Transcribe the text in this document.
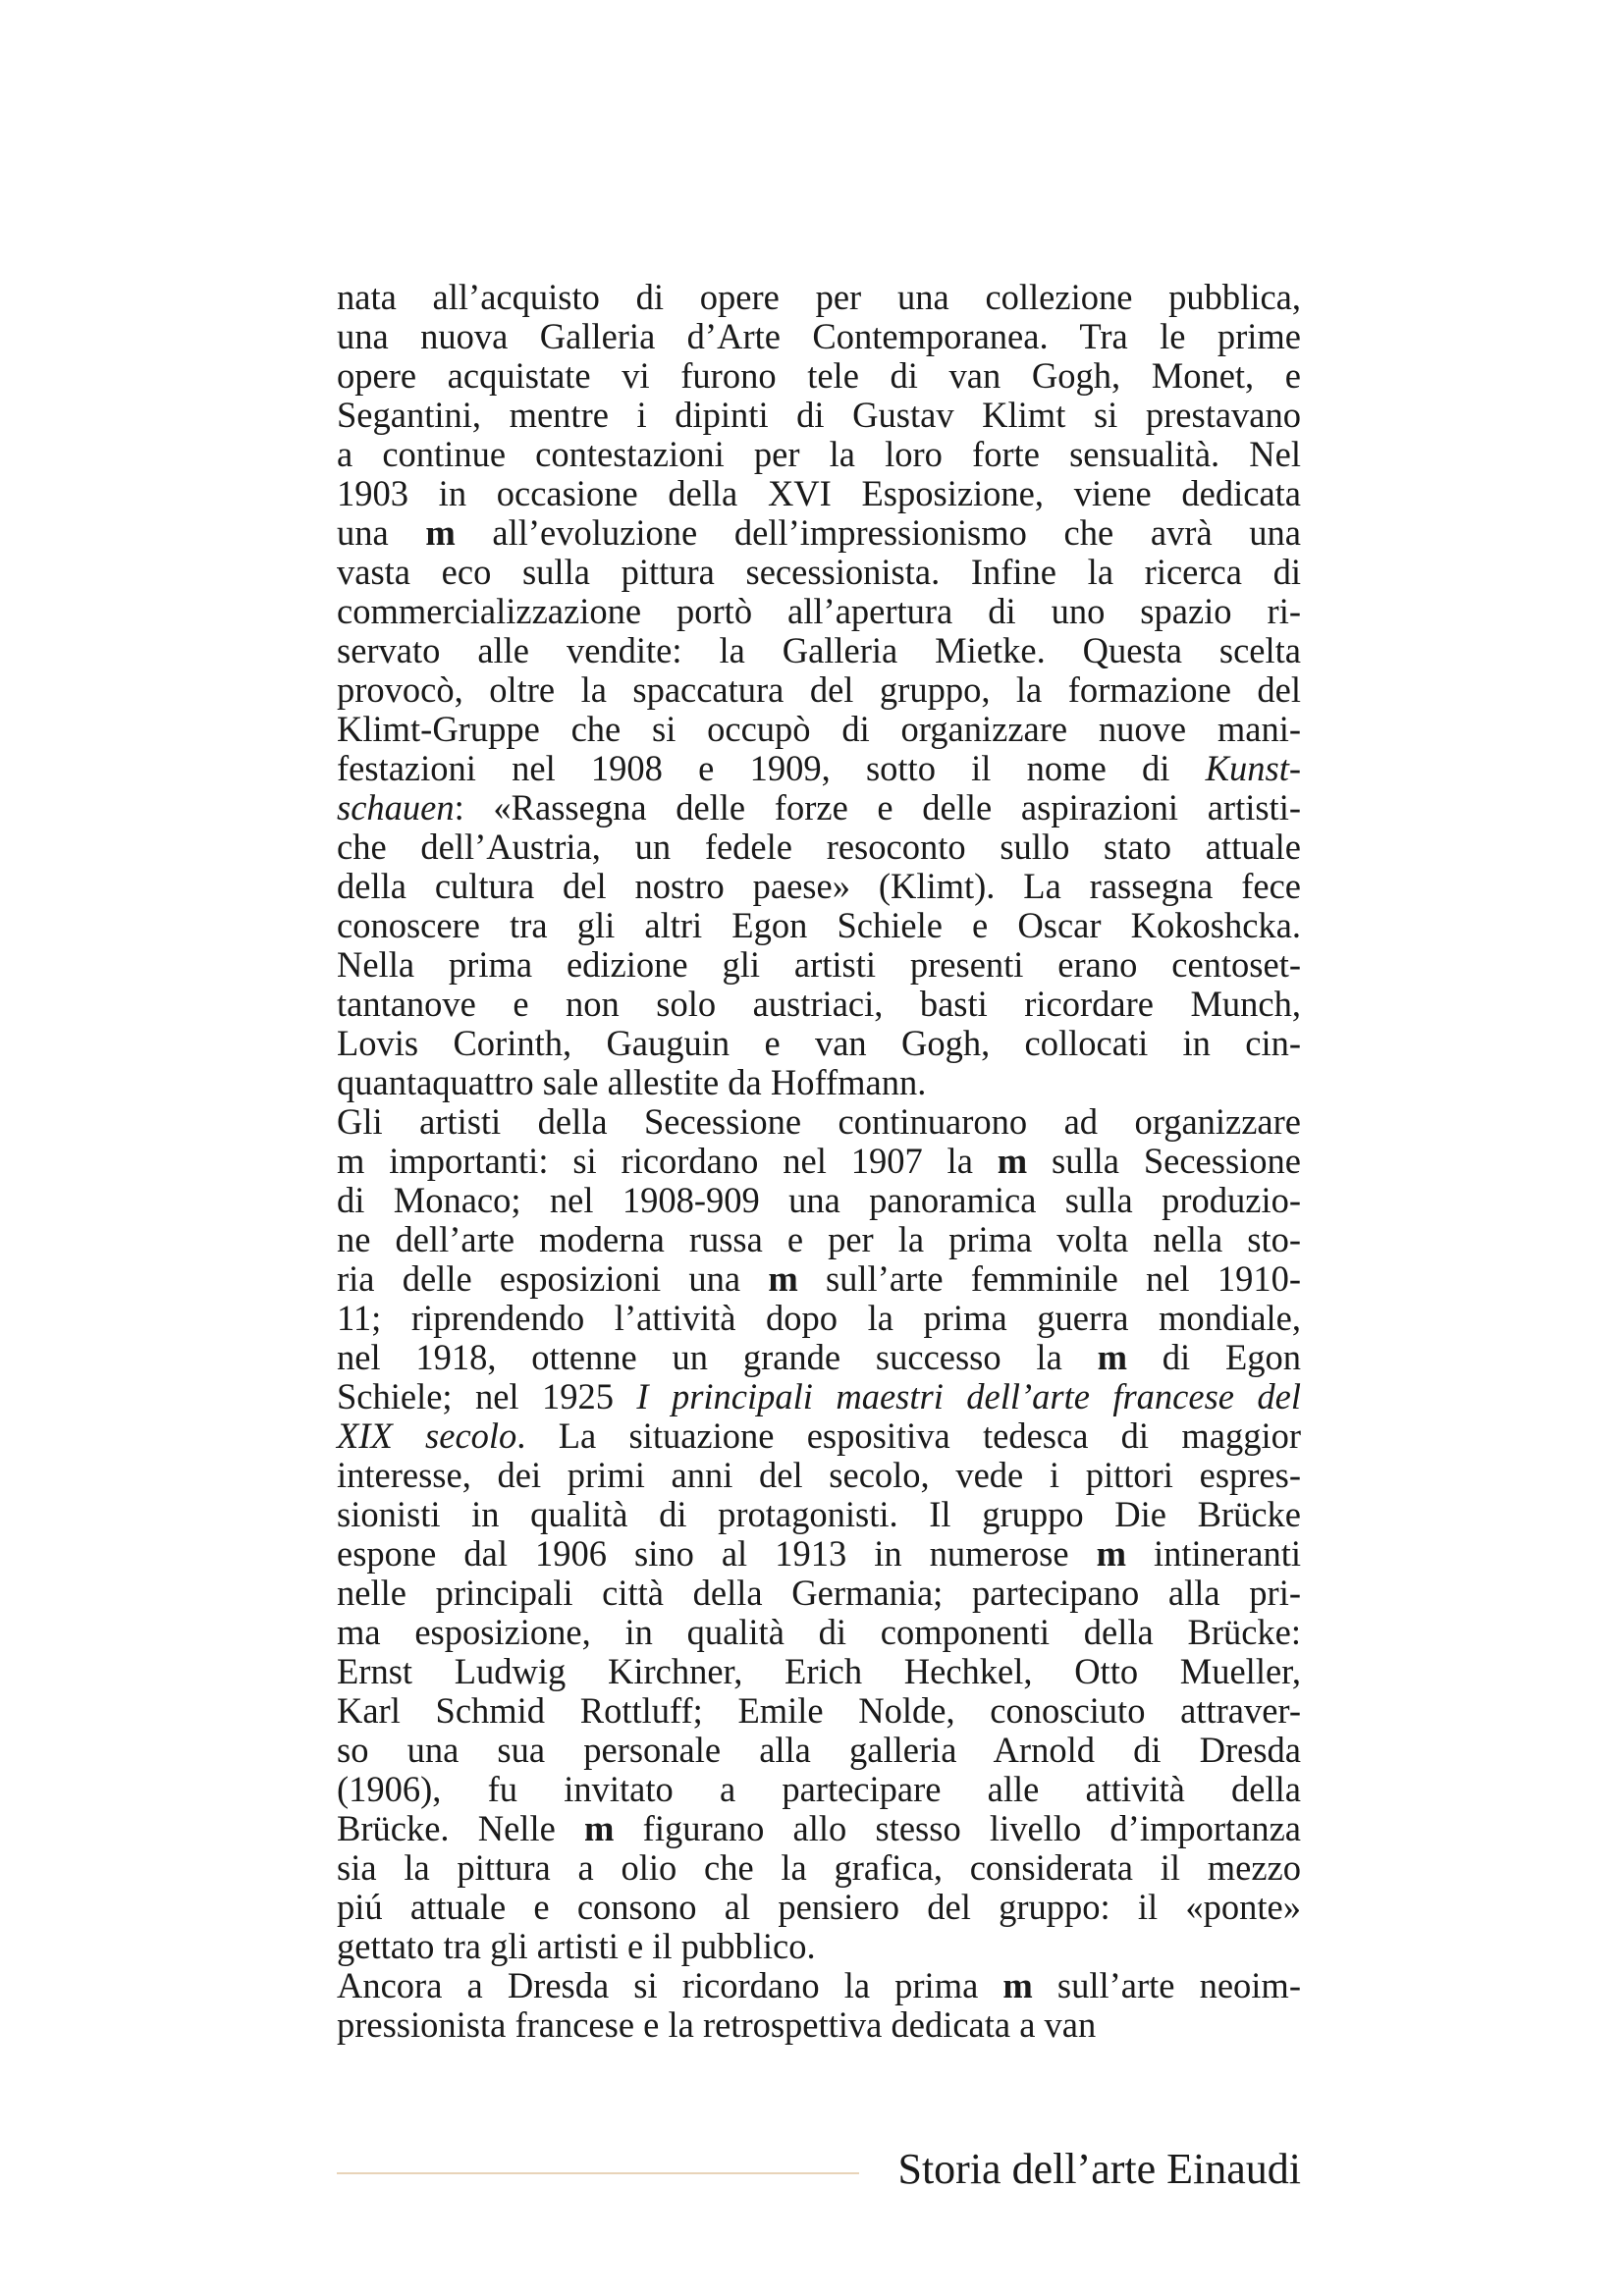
nata all’acquisto di opere per una collezione pubblica,
una nuova Galleria d’Arte Contemporanea. Tra le prime
opere acquistate vi furono tele di van Gogh, Monet, e
Segantini, mentre i dipinti di Gustav Klimt si prestavano
a continue contestazioni per la loro forte sensualità. Nel
1903 in occasione della XVI Esposizione, viene dedicata
una m all’evoluzione dell’impressionismo che avrà una
vasta eco sulla pittura secessionista. Infine la ricerca di
commercializzazione portò all’apertura di uno spazio ri-
servato alle vendite: la Galleria Mietke. Questa scelta
provocò, oltre la spaccatura del gruppo, la formazione del
Klimt-Gruppe che si occupò di organizzare nuove mani-
festazioni nel 1908 e 1909, sotto il nome di Kunst-
schauen: «Rassegna delle forze e delle aspirazioni artisti-
che dell’Austria, un fedele resoconto sullo stato attuale
della cultura del nostro paese» (Klimt). La rassegna fece
conoscere tra gli altri Egon Schiele e Oscar Kokoshcka.
Nella prima edizione gli artisti presenti erano centoset-
tantanove e non solo austriaci, basti ricordare Munch,
Lovis Corinth, Gauguin e van Gogh, collocati in cin-
quantaquattro sale allestite da Hoffmann.
Gli artisti della Secessione continuarono ad organizzare
m importanti: si ricordano nel 1907 la m sulla Secessione
di Monaco; nel 1908-909 una panoramica sulla produzio-
ne dell’arte moderna russa e per la prima volta nella sto-
ria delle esposizioni una m sull’arte femminile nel 1910-
11; riprendendo l’attività dopo la prima guerra mondiale,
nel 1918, ottenne un grande successo la m di Egon
Schiele; nel 1925 I principali maestri dell’arte francese del
XIX secolo. La situazione espositiva tedesca di maggior
interesse, dei primi anni del secolo, vede i pittori espres-
sionisti in qualità di protagonisti. Il gruppo Die Brücke
espone dal 1906 sino al 1913 in numerose m intineranti
nelle principali città della Germania; partecipano alla pri-
ma esposizione, in qualità di componenti della Brücke:
Ernst Ludwig Kirchner, Erich Hechkel, Otto Mueller,
Karl Schmid Rottluff; Emile Nolde, conosciuto attraver-
so una sua personale alla galleria Arnold di Dresda
(1906), fu invitato a partecipare alle attività della
Brücke. Nelle m figurano allo stesso livello d’importanza
sia la pittura a olio che la grafica, considerata il mezzo
piú attuale e consono al pensiero del gruppo: il «ponte»
gettato tra gli artisti e il pubblico.
Ancora a Dresda si ricordano la prima m sull’arte neoim-
pressionista francese e la retrospettiva dedicata a van
Storia dell’arte Einaudi
